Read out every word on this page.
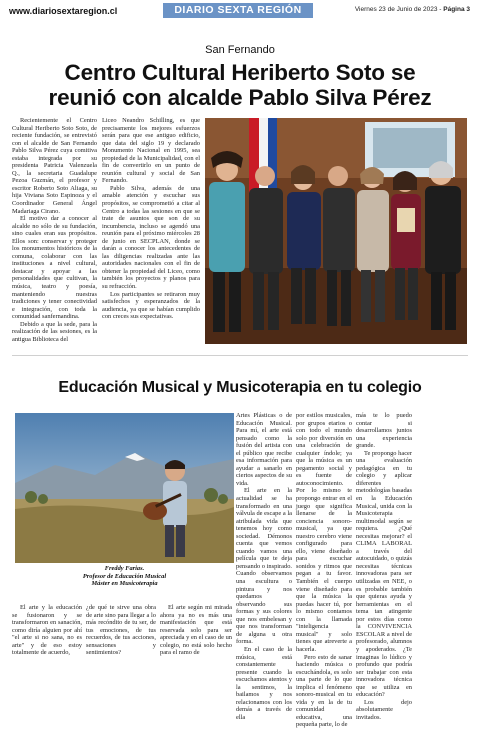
www.diariosextaregion.cl	DIARIO SEXTA REGIÓN	Viernes 23 de Junio de 2023 - Página 3
San Fernando
Centro Cultural Heriberto Soto se reunió con alcalde Pablo Silva Pérez

Recientemente el Centro Cultural Heriberto Soto Soto, de reciente fundación, se entrevistó con el alcalde de San Fernando Pablo Silva Pérez cuya comitiva estaba integrada por su presidenta Patricia Valenzuela Q., la secretaria Guadalupe Pezoa Guzmán, el profesor y escritor Roberto Soto Aliaga, su hija Viviana Soto Espinoza y el Coordinador General Ángel Madariaga Cirano.

El motivo dar a conocer al alcalde no sólo de su fundación, sino cuales eran sus propósitos. Ellos son: conservar y proteger los monumentos históricos de la comuna, colaborar con las instituciones a nivel cultural, destacar y apoyar a las personalidades que cultivan, la música, teatro y poesía, manteniendo nuestras tradiciones y tener conectividad e integración, con toda la comunidad sanfernandina.

Debido a que la sede, para la realización de las sesiones, es la antigua Biblioteca del

Liceo Neandro Schilling, es que precisamente los mejores esfuerzos serán para que ese antiguo edificio, que data del siglo 19 y declarado Monumento Nacional en 1995, sea propiedad de la Municipalidad, con el fin de convertirlo en un punto de reunión cultural y social de San Fernando.

Pablo Silva, además de una amable atención y escuchar sus propósitos, se comprometió a citar al Centro a todas las sesiones en que se trate de asuntos que son de su incumbencia, incluso se agendó una reunión para el próximo miércoles 28 de junio en SECPLAN, donde se darán a conocer los antecedentes de las diligencias realizadas ante las autoridades nacionales con el fin de obtener la propiedad del Liceo, como también los proyectos y planos para su refracción.

Los participantes se retiraron muy satisfechos y esperanzados de la audiencia, ya que se habían cumplido con creces sus expectativas.

Educación Musical y Musicoterapia en tu colegio
Freddy Farias.
Profesor de Educación Musical
Máster en Musicoterapia

El arte y la educación se fusionaron y se transformaron en sanación, como diría alguien por ahí "el arte si no sana, no es arte" y de eso estoy totalmente de acuerdo,

¿de qué te sirve una obra de arte sino para llegar a lo más recóndito de tu ser, de tus emociones, de tus recuerdos, de tus acciones, sensaciones y sentimientos?

El arte según mi mirada ahora ya no es más una manifestación que está reservada solo para ser apreciada y en el caso de un colegio, no está solo hecho para el ramo de

Artes Plásticas o de Educación Musical. Para mí, el arte está pensado como la fusión del artista con el público que recibe esa información para ayudar a sanarlo en ciertos aspectos de su vida.

El arte en la actualidad se ha transformado en una válvula de escape a la atribulada vida que tenemos hoy como sociedad. Démonos cuenta que vemos cuando vamos una película que te deja pensando o inspirado. Cuando observamos una escultura o pintura y nos quedamos observando sus formas y sus colores que nos embelesan y que nos transforman de alguna u otra forma.

En el caso de la música, está constantemente presente cuando la escuchamos atentos y la sentimos, la bailamos y nos relacionamos con los demás a través de ella

por estilos musicales, por grupos etarios o con todo el mundo solo por diversión en una celebración de cualquier índole; ya que la música es un pegamento social y es fuente de autoconocimiento. Por lo mismo te propongo entrar en el juego que significa llenarse de la conciencia sonoro-musical, ya que nuestro cerebro viene configurado para ello, viene diseñado para escuchar sonidos y ritmos que pegan a tu favor. También el cuerpo viene diseñado para que la música la puedas hacer tú, por lo mismo contamos con la llamada "inteligencia musical" y solo tienes que atreverte a hacerla.

Pero esto de sanar haciendo música o escuchándola, es solo una parte de lo que implica el fenómeno sonoro-musical en tu vida y en la de tu comunidad educativa, una pequeña parte, lo de

más te lo puedo contar si desarrollamos juntos una experiencia grande.

Te propongo hacer una evaluación pedagógica en tu colegio y aplicar diferentes metodologías basadas en la Educación Musical, unida con la Musicoterapia multimodal según se requiera. ¿Qué necesitas mejorar? el CLIMA LABORAL a través del autocuidado, o quizás necesitas técnicas innovadoras para ser utilizadas en NEE, o es probable también que quieras ayuda y herramientas en el tema tan atingente por estos días como la CONVIVENCIA ESCOLAR a nivel de profesorado, alumnos y apoderados. ¿Te imaginas lo lúdico y profundo que podría ser trabajar con esta innovadora técnica que se utiliza en educación?

Los dejo absolutamente invitados.
